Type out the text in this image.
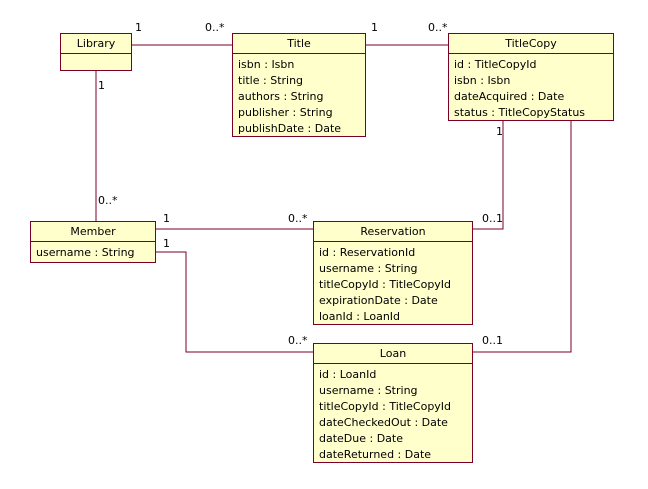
Library	Title
isbn : Isbn
title : String
authors : String
publisher : String
publishDate : Date
TitleCopy
id : TitleCopyId
isbn : Isbn
dateAcquired : Date
status : TitleCopyStatus
Member
username : String
Reservation
id : ReservationId
username : String
titleCopyId : TitleCopyId
expirationDate : Date
loanId : LoanId
Loan
id : LoanId
username : String
titleCopyId : TitleCopyId
dateCheckedOut : Date
dateDue : Date
dateReturned : Date
1	0..*	1	0..*
1
0..*
1	0..*	0..1
1
1
0..*	0..1
